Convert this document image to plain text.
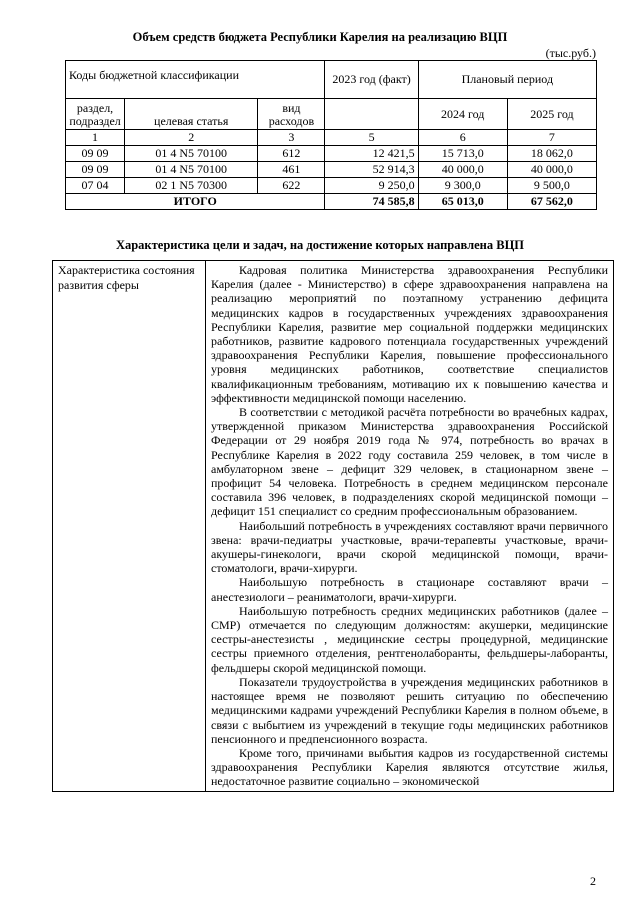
Объем средств бюджета Республики Карелия на реализацию ВЦП
(тыс.руб.)
Коды бюджетной классификации			2023 год (факт)	Плановый период	
раздел, подраздел	целевая статья	вид расходов		2024 год	2025 год

1	2	3	5	6	7
09 09	01 4 N5 70100	612	12 421,5	15 713,0	18 062,0
09 09	01 4 N5 70100	461	52 914,3	40 000,0	40 000,0
07 04	02 1 N5 70300	622	9 250,0	9 300,0	9 500,0
ИТОГО			74 585,8	65 013,0	67 562,0
Характеристика цели и задач, на достижение которых направлена ВЦП
Характеристика состояния развития сферы	

Кадровая политика Министерства здравоохранения Республики Карелия (далее - Министерство) в сфере здравоохранения направлена на реализацию мероприятий по поэтапному устранению дефицита медицинских кадров в государственных учреждениях здравоохранения Республики Карелия, развитие мер социальной поддержки медицинских работников, развитие кадрового потенциала государственных учреждений здравоохранения Республики Карелия, повышение профессионального уровня медицинских работников, соответствие специалистов квалификационным требованиям, мотивацию их к повышению качества и эффективности медицинской помощи населению.

В соответствии с методикой расчёта потребности во врачебных кадрах, утвержденной приказом Министерства здравоохранения Российской Федерации от 29 ноября 2019 года № 974, потребность во врачах в Республике Карелия в 2022 году составила 259 человек, в том числе в амбулаторном звене – дефицит 329 человек, в стационарном звене – профицит 54 человека. Потребность в среднем медицинском персонале составила 396 человек, в подразделениях скорой медицинской помощи – дефицит 151 специалист со средним профессиональным образованием.

Наибольший потребность в учреждениях составляют врачи первичного звена: врачи-педиатры участковые, врачи-терапевты участковые, врачи- акушеры-гинекологи, врачи скорой медицинской помощи, врачи-стоматологи, врачи-хирурги.

Наибольшую потребность в стационаре составляют врачи – анестезиологи – реаниматологи, врачи-хирурги.

Наибольшую потребность средних медицинских работников (далее – СМР) отмечается по следующим должностям: акушерки, медицинские сестры-анестезисты , медицинские сестры процедурной, медицинские сестры приемного отделения, рентгенолаборанты, фельдшеры-лаборанты, фельдшеры скорой медицинской помощи.

Показатели трудоустройства в учреждения медицинских работников в настоящее время не позволяют решить ситуацию по обеспечению медицинскими кадрами учреждений Республики Карелия в полном объеме, в связи с выбытием из учреждений в текущие годы медицинских работников пенсионного и предпенсионного возраста.

Кроме того, причинами выбытия кадров из государственной системы здравоохранения Республики Карелия являются отсутствие жилья, недостаточное развитие социально – экономической

2
